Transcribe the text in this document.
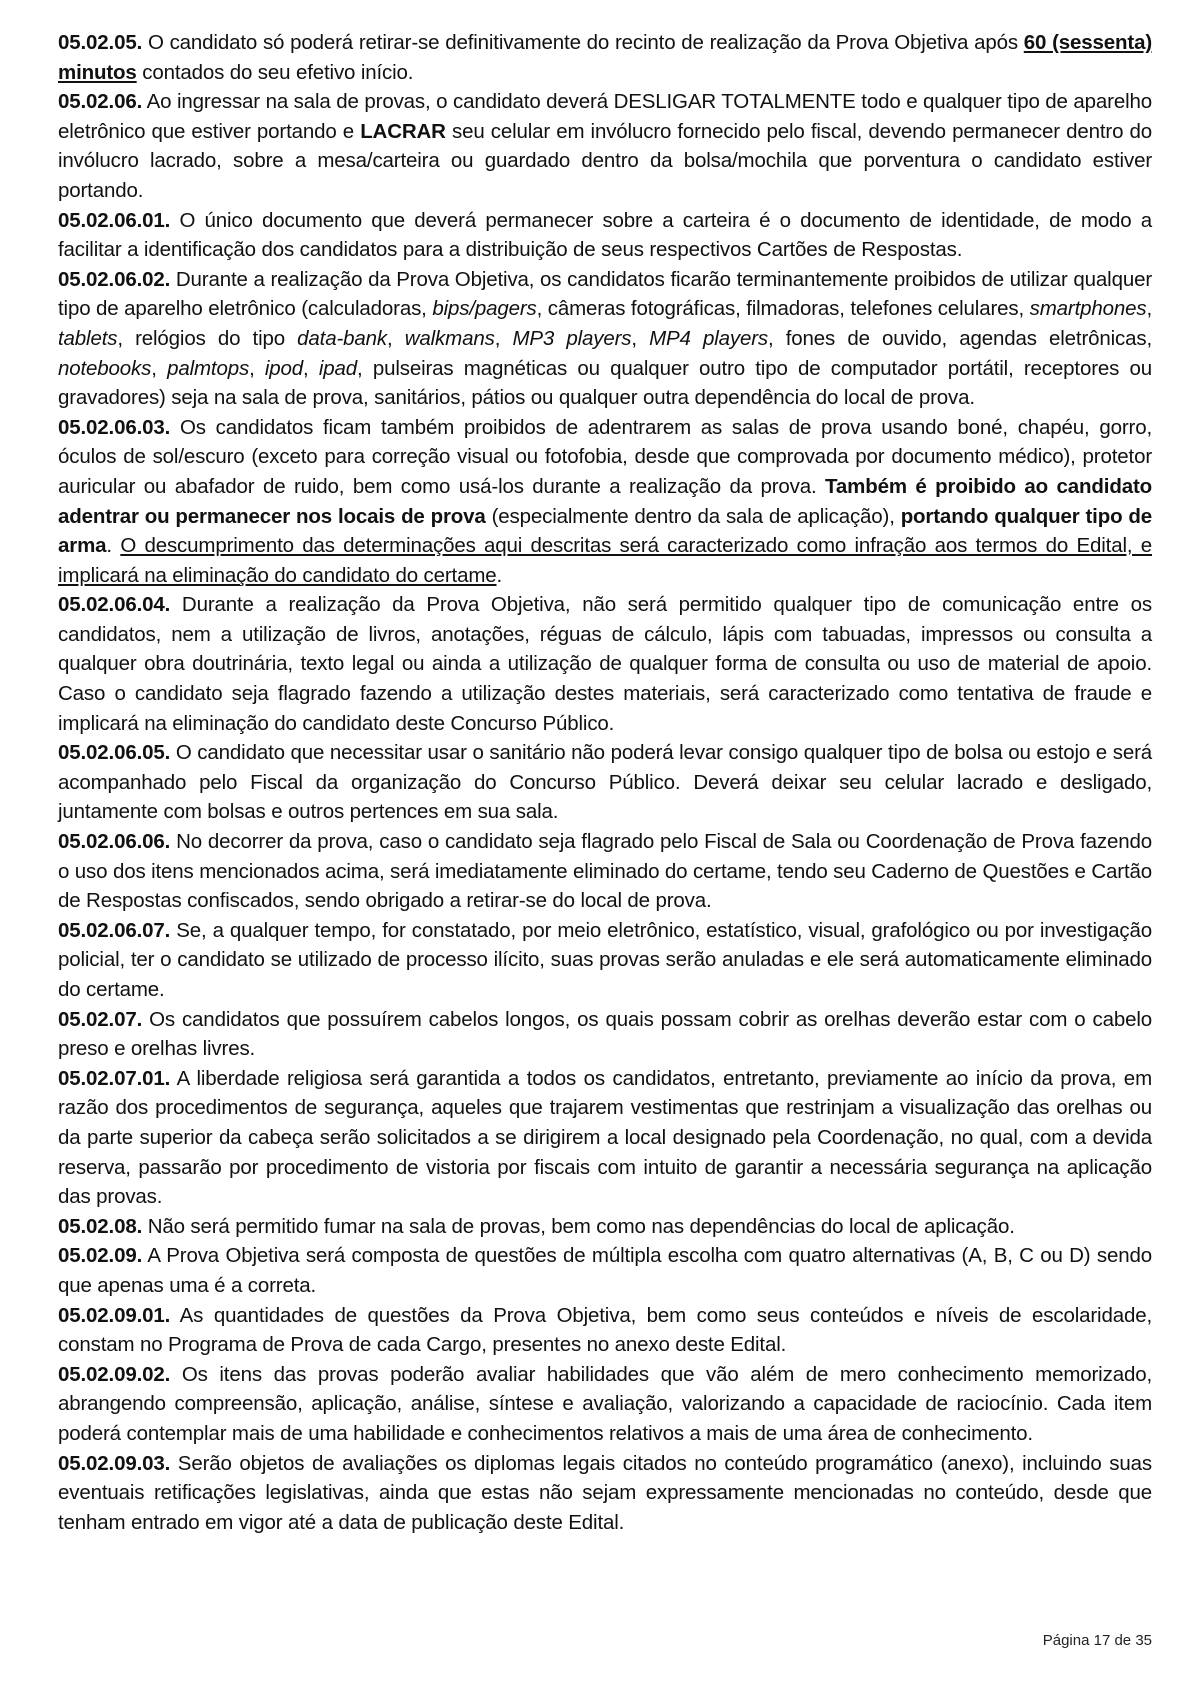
05.02.05. O candidato só poderá retirar-se definitivamente do recinto de realização da Prova Objetiva após 60 (sessenta) minutos contados do seu efetivo início.

05.02.06. Ao ingressar na sala de provas, o candidato deverá DESLIGAR TOTALMENTE todo e qualquer tipo de aparelho eletrônico que estiver portando e LACRAR seu celular em invólucro fornecido pelo fiscal, devendo permanecer dentro do invólucro lacrado, sobre a mesa/carteira ou guardado dentro da bolsa/mochila que porventura o candidato estiver portando.

05.02.06.01. O único documento que deverá permanecer sobre a carteira é o documento de identidade, de modo a facilitar a identificação dos candidatos para a distribuição de seus respectivos Cartões de Respostas.

05.02.06.02. Durante a realização da Prova Objetiva, os candidatos ficarão terminantemente proibidos de utilizar qualquer tipo de aparelho eletrônico (calculadoras, bips/pagers, câmeras fotográficas, filmadoras, telefones celulares, smartphones, tablets, relógios do tipo data-bank, walkmans, MP3 players, MP4 players, fones de ouvido, agendas eletrônicas, notebooks, palmtops, ipod, ipad, pulseiras magnéticas ou qualquer outro tipo de computador portátil, receptores ou gravadores) seja na sala de prova, sanitários, pátios ou qualquer outra dependência do local de prova.

05.02.06.03. Os candidatos ficam também proibidos de adentrarem as salas de prova usando boné, chapéu, gorro, óculos de sol/escuro (exceto para correção visual ou fotofobia, desde que comprovada por documento médico), protetor auricular ou abafador de ruido, bem como usá-los durante a realização da prova. Também é proibido ao candidato adentrar ou permanecer nos locais de prova (especialmente dentro da sala de aplicação), portando qualquer tipo de arma. O descumprimento das determinações aqui descritas será caracterizado como infração aos termos do Edital, e implicará na eliminação do candidato do certame.

05.02.06.04. Durante a realização da Prova Objetiva, não será permitido qualquer tipo de comunicação entre os candidatos, nem a utilização de livros, anotações, réguas de cálculo, lápis com tabuadas, impressos ou consulta a qualquer obra doutrinária, texto legal ou ainda a utilização de qualquer forma de consulta ou uso de material de apoio. Caso o candidato seja flagrado fazendo a utilização destes materiais, será caracterizado como tentativa de fraude e implicará na eliminação do candidato deste Concurso Público.

05.02.06.05. O candidato que necessitar usar o sanitário não poderá levar consigo qualquer tipo de bolsa ou estojo e será acompanhado pelo Fiscal da organização do Concurso Público. Deverá deixar seu celular lacrado e desligado, juntamente com bolsas e outros pertences em sua sala.

05.02.06.06. No decorrer da prova, caso o candidato seja flagrado pelo Fiscal de Sala ou Coordenação de Prova fazendo o uso dos itens mencionados acima, será imediatamente eliminado do certame, tendo seu Caderno de Questões e Cartão de Respostas confiscados, sendo obrigado a retirar-se do local de prova.

05.02.06.07. Se, a qualquer tempo, for constatado, por meio eletrônico, estatístico, visual, grafológico ou por investigação policial, ter o candidato se utilizado de processo ilícito, suas provas serão anuladas e ele será automaticamente eliminado do certame.

05.02.07. Os candidatos que possuírem cabelos longos, os quais possam cobrir as orelhas deverão estar com o cabelo preso e orelhas livres.

05.02.07.01. A liberdade religiosa será garantida a todos os candidatos, entretanto, previamente ao início da prova, em razão dos procedimentos de segurança, aqueles que trajarem vestimentas que restrinjam a visualização das orelhas ou da parte superior da cabeça serão solicitados a se dirigirem a local designado pela Coordenação, no qual, com a devida reserva, passarão por procedimento de vistoria por fiscais com intuito de garantir a necessária segurança na aplicação das provas.

05.02.08. Não será permitido fumar na sala de provas, bem como nas dependências do local de aplicação.

05.02.09. A Prova Objetiva será composta de questões de múltipla escolha com quatro alternativas (A, B, C ou D) sendo que apenas uma é a correta.

05.02.09.01. As quantidades de questões da Prova Objetiva, bem como seus conteúdos e níveis de escolaridade, constam no Programa de Prova de cada Cargo, presentes no anexo deste Edital.

05.02.09.02. Os itens das provas poderão avaliar habilidades que vão além de mero conhecimento memorizado, abrangendo compreensão, aplicação, análise, síntese e avaliação, valorizando a capacidade de raciocínio. Cada item poderá contemplar mais de uma habilidade e conhecimentos relativos a mais de uma área de conhecimento.

05.02.09.03. Serão objetos de avaliações os diplomas legais citados no conteúdo programático (anexo), incluindo suas eventuais retificações legislativas, ainda que estas não sejam expressamente mencionadas no conteúdo, desde que tenham entrado em vigor até a data de publicação deste Edital.

Página 17 de 35
